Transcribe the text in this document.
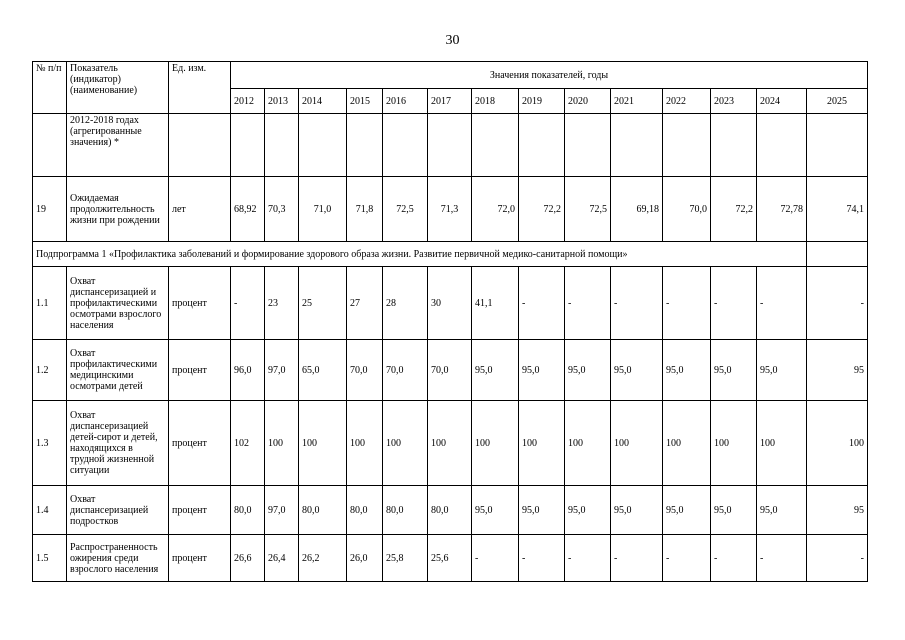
30
№ п/п	Показатель (индикатор) (наименование)	Ед. изм.	Значения показателей, годы													
			2012	2013	2014	2015	2016	2017	2018	2019	2020	2021	2022	2023	2024	2025
	2012-2018 годах (агрегированные значения) *															
19	Ожидаемая продолжительность жизни при рождении	лет	68,92	70,3	71,0	71,8	72,5	71,3	72,0	72,2	72,5	69,18	70,0	72,2	72,78	74,1
Подпрограмма 1 «Профилактика заболеваний и формирование здорового образа жизни. Развитие первичной медико-санитарной помощи»																
1.1	Охват диспансеризацией и профилактическими осмотрами взрослого населения	процент	-	23	25	27	28	30	41,1	-	-	-	-	-	-	-
1.2	Охват профилактическими медицинскими осмотрами детей	процент	96,0	97,0	65,0	70,0	70,0	70,0	95,0	95,0	95,0	95,0	95,0	95,0	95,0	95
1.3	Охват диспансеризацией детей-сирот и детей, находящихся в трудной жизненной ситуации	процент	102	100	100	100	100	100	100	100	100	100	100	100	100	100
1.4	Охват диспансеризацией подростков	процент	80,0	97,0	80,0	80,0	80,0	80,0	95,0	95,0	95,0	95,0	95,0	95,0	95,0	95
1.5	Распространенность ожирения среди взрослого населения	процент	26,6	26,4	26,2	26,0	25,8	25,6	-	-	-	-	-	-	-	-
